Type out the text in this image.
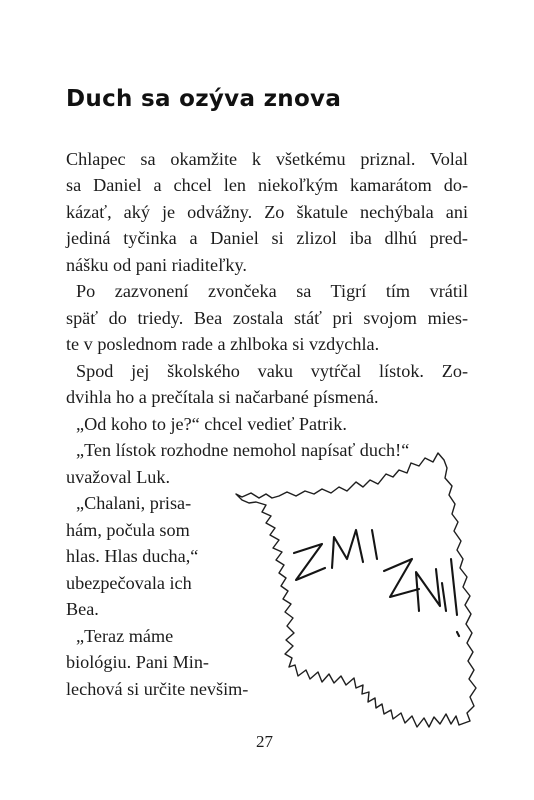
Duch sa ozýva znova

Chlapec sa okamžite k všetkému priznal. Volal

sa Daniel a chcel len niekoľkým kamarátom do-

kázať, aký je odvážny. Zo škatule nechýbala ani

jediná tyčinka a Daniel si zlizol iba dlhú pred-

nášku od pani riaditeľky.

Po zazvonení zvončeka sa Tigrí tím vrátil

späť do triedy. Bea zostala stáť pri svojom mies-

te v poslednom rade a zhlboka si vzdychla.

Spod jej školského vaku vytŕčal lístok. Zo-

dvihla ho a prečítala si načarbané písmená.

„Od koho to je?“ chcel vedieť Patrik.

„Ten lístok rozhodne nemohol napísať duch!“

uvažoval Luk.

„Chalani, prisa-

hám, počula som

hlas. Hlas ducha,“

ubezpečovala ich

Bea.

„Teraz máme

biológiu. Pani Min-

lechová si určite nevšim-

27
